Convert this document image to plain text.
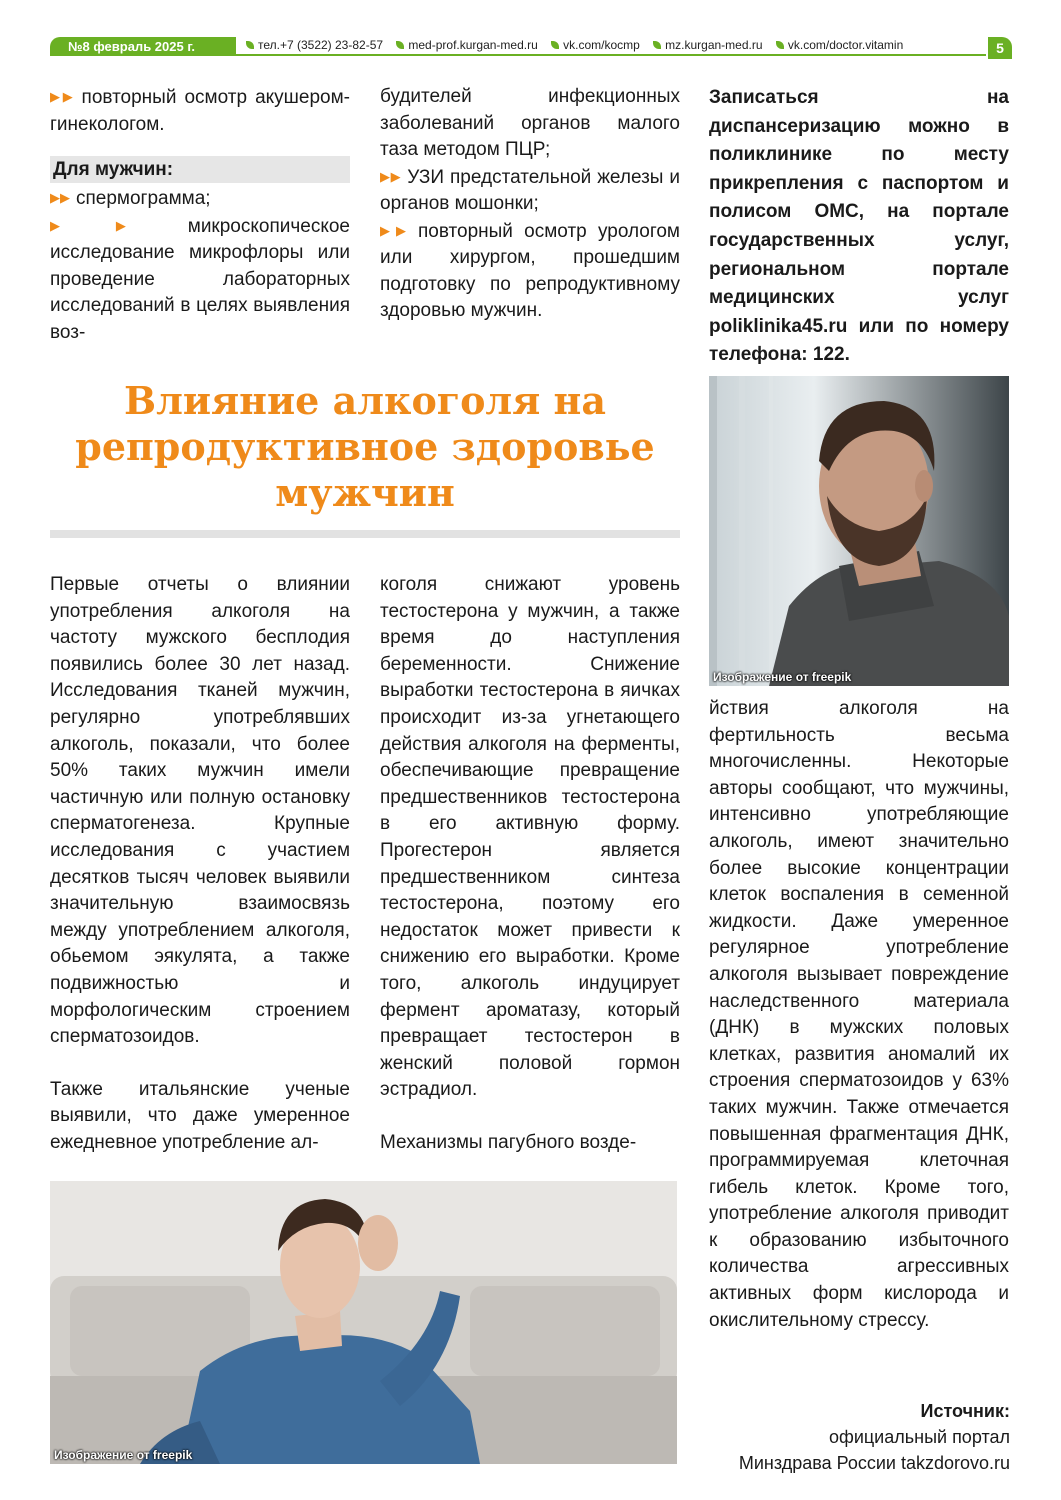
№8 февраль 2025 г.	тел.+7 (3522) 23-82-57 med-prof.kurgan-med.ru vk.com/kocmp mz.kurgan-med.ru vk.com/doctor.vitamin	5

▶▶ повторный осмотр акушером-гинекологом.

Для мужчин:

▶▶ спермограмма;

▶▶ микроскопическое исследование микрофлоры или проведение лабораторных исследований в целях выявления воз-

будителей инфекционных заболеваний органов малого таза методом ПЦР;

▶▶ УЗИ предстательной железы и органов мошонки;

▶▶ повторный осмотр урологом или хирургом, прошедшим подготовку по репродуктивному здоровью мужчин.

Записаться на диспансеризацию можно в поликлинике по месту прикрепления с паспортом и полисом ОМС, на портале государственных услуг, региональном портале медицинских услуг poliklinika45.ru или по номеру телефона: 122.
Влияние алкоголя на репродуктивное здоровье мужчин

Первые отчеты о влиянии употребления алкоголя на частоту мужского бесплодия появились более 30 лет назад. Исследования тканей мужчин, регулярно употреблявших алкоголь, показали, что более 50% таких мужчин имели частичную или полную остановку сперматогенеза. Крупные исследования с участием десятков тысяч человек выявили значительную взаимосвязь между употреблением алкоголя, обьемом эякулята, а также подвижностью и морфологическим строением сперматозоидов.

Также итальянские ученые выявили, что даже умеренное ежедневное употребление ал-

коголя снижают уровень тестостерона у мужчин, а также время до наступления беременности. Снижение выработки тестостерона в яичках происходит из-за угнетающего действия алкоголя на ферменты, обеспечивающие превращение предшественников тестостерона в его активную форму. Прогестерон является предшественником синтеза тестостерона, поэтому его недостаток может привести к снижению его выработки. Кроме того, алкоголь индуцирует фермент ароматазу, который превращает тестостерон в женский половой гормон эстрадиол.

Механизмы пагубного возде-

йствия алкоголя на фертильность весьма многочисленны. Некоторые авторы сообщают, что мужчины, интенсивно употребляющие алкоголь, имеют значительно более высокие концентрации клеток воспаления в семенной жидкости. Даже умеренное регулярное употребление алкоголя вызывает повреждение наследственного материала (ДНК) в мужских половых клетках, развития аномалий их строения сперматозоидов у 63% таких мужчин. Также отмечается повышенная фрагментация ДНК, программируемая клеточная гибель клеток. Кроме того, употребление алкоголя приводит к образованию избыточного количества агрессивных активных форм кислорода и окислительному стрессу.

Изображение от freepik
Изображение от freepik
Источник:
официальный портал
Минздрава России takzdorovo.ru
